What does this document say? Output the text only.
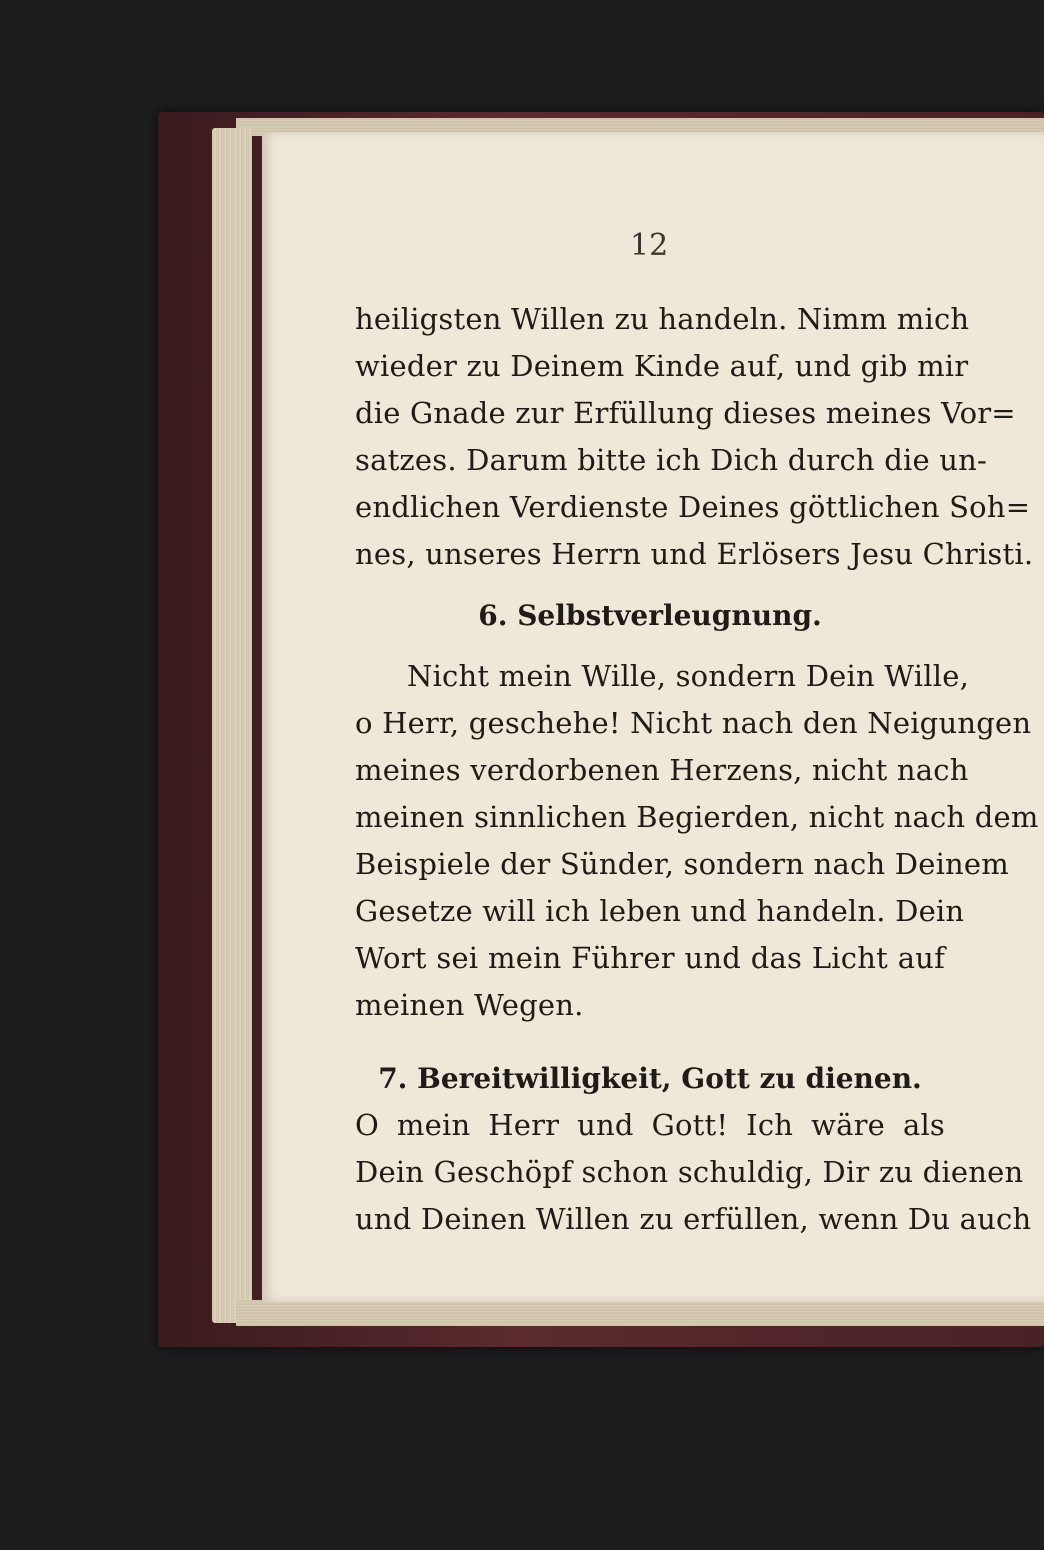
12
heiligsten Willen zu handeln. Nimm mich
wieder zu Deinem Kinde auf, und gib mir
die Gnade zur Erfüllung dieses meines Vor=
satzes. Darum bitte ich Dich durch die un-
endlichen Verdienste Deines göttlichen Soh=
nes, unseres Herrn und Erlösers Jesu Christi.
6. Selbstverleugnung.
Nicht mein Wille, sondern Dein Wille,
o Herr, geschehe! Nicht nach den Neigungen
meines verdorbenen Herzens, nicht nach
meinen sinnlichen Begierden, nicht nach dem
Beispiele der Sünder, sondern nach Deinem
Gesetze will ich leben und handeln. Dein
Wort sei mein Führer und das Licht auf
meinen Wegen.
7. Bereitwilligkeit, Gott zu dienen.
O mein Herr und Gott! Ich wäre als
Dein Geschöpf schon schuldig, Dir zu dienen
und Deinen Willen zu erfüllen, wenn Du auch
